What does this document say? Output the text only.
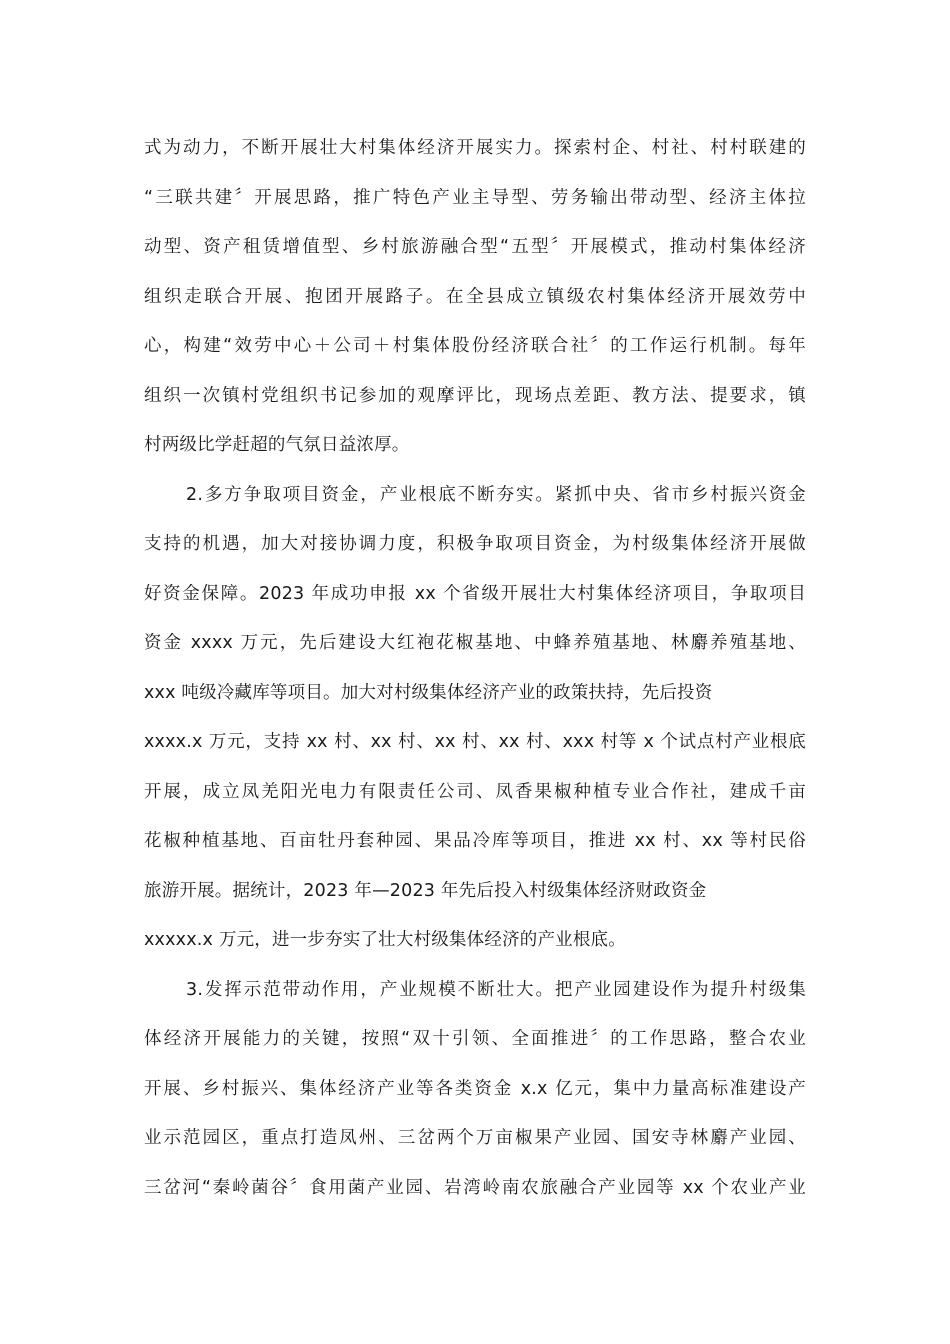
式为动力，不断开展壮大村集体经济开展实力。探索村企、村社、村村联建的
“三联共建〞开展思路，推广特色产业主导型、劳务输出带动型、经济主体拉
动型、资产租赁增值型、乡村旅游融合型“五型〞开展模式，推动村集体经济
组织走联合开展、抱团开展路子。在全县成立镇级农村集体经济开展效劳中
心，构建“效劳中心＋公司＋村集体股份经济联合社〞的工作运行机制。每年
组织一次镇村党组织书记参加的观摩评比，现场点差距、教方法、提要求，镇
村两级比学赶超的气氛日益浓厚。
2.多方争取项目资金，产业根底不断夯实。紧抓中央、省市乡村振兴资金
支持的机遇，加大对接协调力度，积极争取项目资金，为村级集体经济开展做
好资金保障。2023 年成功申报 xx 个省级开展壮大村集体经济项目，争取项目
资金 xxxx 万元，先后建设大红袍花椒基地、中蜂养殖基地、林麝养殖基地、
xxx 吨级冷藏库等项目。加大对村级集体经济产业的政策扶持，先后投资
xxxx.x 万元，支持 xx 村、xx 村、xx 村、xx 村、xxx 村等 x 个试点村产业根底
开展，成立凤羌阳光电力有限责任公司、凤香果椒种植专业合作社，建成千亩
花椒种植基地、百亩牡丹套种园、果品冷库等项目，推进 xx 村、xx 等村民俗
旅游开展。据统计，2023 年—2023 年先后投入村级集体经济财政资金
xxxxx.x 万元，进一步夯实了壮大村级集体经济的产业根底。
3.发挥示范带动作用，产业规模不断壮大。把产业园建设作为提升村级集
体经济开展能力的关键，按照“双十引领、全面推进〞的工作思路，整合农业
开展、乡村振兴、集体经济产业等各类资金 x.x 亿元，集中力量高标准建设产
业示范园区，重点打造凤州、三岔两个万亩椒果产业园、国安寺林麝产业园、
三岔河“秦岭菌谷〞食用菌产业园、岩湾岭南农旅融合产业园等 xx 个农业产业
